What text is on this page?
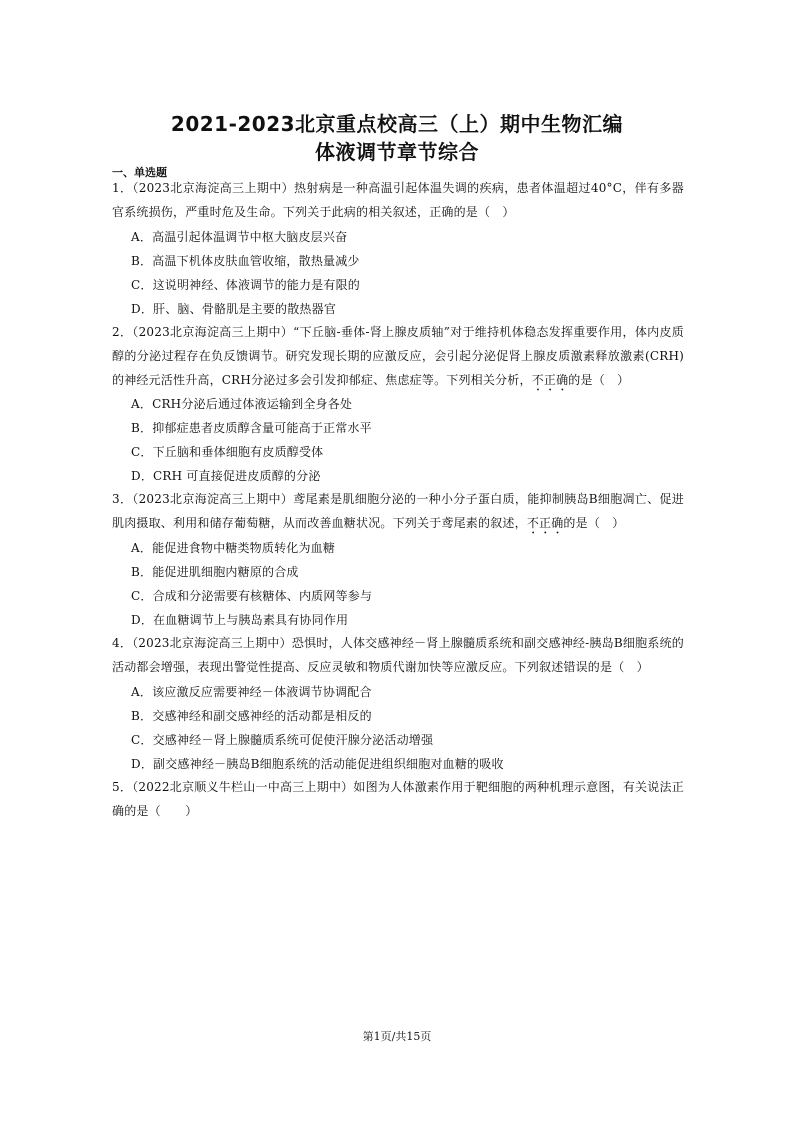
2021-2023北京重点校高三（上）期中生物汇编
体液调节章节综合
一、单选题
1．（2023北京海淀高三上期中）热射病是一种高温引起体温失调的疾病，患者体温超过40°C，伴有多器官系统损伤，严重时危及生命。下列关于此病的相关叙述，正确的是（　）
A．高温引起体温调节中枢大脑皮层兴奋
B．高温下机体皮肤血管收缩，散热量减少
C．这说明神经、体液调节的能力是有限的
D．肝、脑、骨骼肌是主要的散热器官
2．（2023北京海淀高三上期中）“下丘脑-垂体-肾上腺皮质轴”对于维持机体稳态发挥重要作用，体内皮质醇的分泌过程存在负反馈调节。研究发现长期的应激反应，会引起分泌促肾上腺皮质激素释放激素(CRH)的神经元活性升高，CRH分泌过多会引发抑郁症、焦虑症等。下列相关分析，不正确的是（　）
A．CRH分泌后通过体液运输到全身各处
B．抑郁症患者皮质醇含量可能高于正常水平
C．下丘脑和垂体细胞有皮质醇受体
D．CRH 可直接促进皮质醇的分泌
3．（2023北京海淀高三上期中）鸢尾素是肌细胞分泌的一种小分子蛋白质，能抑制胰岛B细胞凋亡、促进肌肉摄取、利用和储存葡萄糖，从而改善血糖状况。下列关于鸢尾素的叙述，不正确的是（　）
A．能促进食物中糖类物质转化为血糖
B．能促进肌细胞内糖原的合成
C．合成和分泌需要有核糖体、内质网等参与
D．在血糖调节上与胰岛素具有协同作用
4．（2023北京海淀高三上期中）恐惧时，人体交感神经－肾上腺髓质系统和副交感神经-胰岛B细胞系统的活动都会增强，表现出警觉性提高、反应灵敏和物质代谢加快等应激反应。下列叙述错误的是（　）
A．该应激反应需要神经－体液调节协调配合
B．交感神经和副交感神经的活动都是相反的
C．交感神经－肾上腺髓质系统可促使汗腺分泌活动增强
D．副交感神经－胰岛B细胞系统的活动能促进组织细胞对血糖的吸收
5．（2022北京顺义牛栏山一中高三上期中）如图为人体激素作用于靶细胞的两种机理示意图，有关说法正确的是（　　）
第1页/共15页
